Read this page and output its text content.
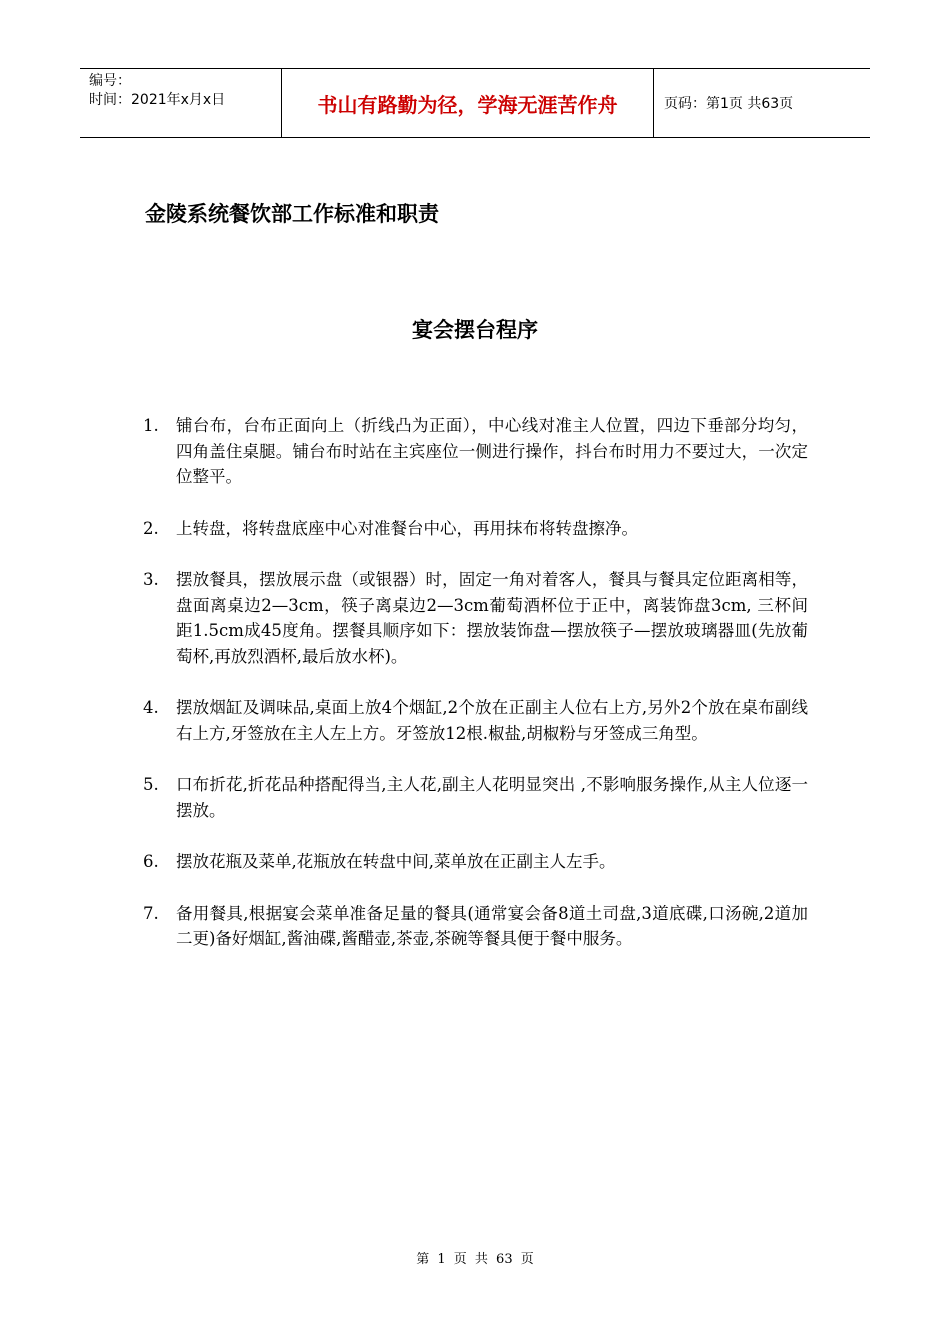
编号：
时间：2021年x月x日	书山有路勤为径，学海无涯苦作舟	页码：第1页 共63页
金陵系统餐饮部工作标准和职责
宴会摆台程序
1.	铺台布，台布正面向上（折线凸为正面），中心线对准主人位置，四边下垂部分均匀，四角盖住桌腿。铺台布时站在主宾座位一侧进行操作，抖台布时用力不要过大，一次定位整平。
2.	上转盘，将转盘底座中心对准餐台中心，再用抹布将转盘擦净。
3.	摆放餐具，摆放展示盘（或银器）时，固定一角对着客人，餐具与餐具定位距离相等，盘面离桌边2—3cm，筷子离桌边2—3cm葡萄酒杯位于正中，离装饰盘3cm, 三杯间距1.5cm成45度角。摆餐具顺序如下：摆放装饰盘—摆放筷子—摆放玻璃器皿(先放葡萄杯,再放烈酒杯,最后放水杯)。
4.	摆放烟缸及调味品,桌面上放4个烟缸,2个放在正副主人位右上方,另外2个放在桌布副线右上方,牙签放在主人左上方。牙签放12根.椒盐,胡椒粉与牙签成三角型。
5.	口布折花,折花品种搭配得当,主人花,副主人花明显突出 ,不影响服务操作,从主人位逐一摆放。
6.	摆放花瓶及菜单,花瓶放在转盘中间,菜单放在正副主人左手。
7.	备用餐具,根据宴会菜单准备足量的餐具(通常宴会备8道土司盘,3道底碟,口汤碗,2道加二更)备好烟缸,酱油碟,酱醋壶,茶壶,茶碗等餐具便于餐中服务。
第 1 页 共 63 页
